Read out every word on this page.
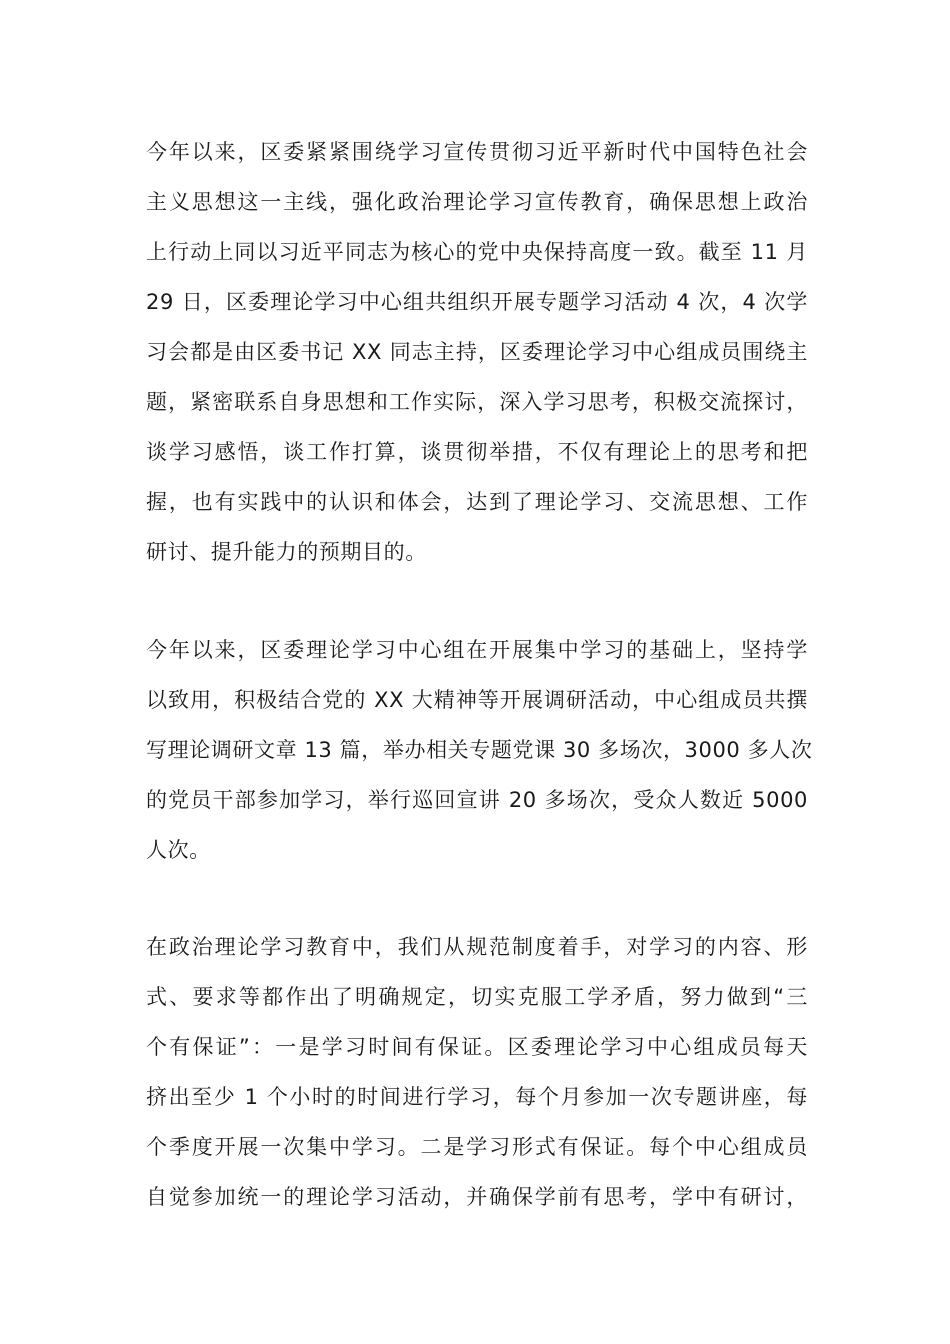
今年以来，区委紧紧围绕学习宣传贯彻习近平新时代中国特色社会
主义思想这一主线，强化政治理论学习宣传教育，确保思想上政治
上行动上同以习近平同志为核心的党中央保持高度一致。截至 11 月
29 日，区委理论学习中心组共组织开展专题学习活动 4 次，4 次学
习会都是由区委书记 XX 同志主持，区委理论学习中心组成员围绕主
题，紧密联系自身思想和工作实际，深入学习思考，积极交流探讨，
谈学习感悟，谈工作打算，谈贯彻举措，不仅有理论上的思考和把
握，也有实践中的认识和体会，达到了理论学习、交流思想、工作
研讨、提升能力的预期目的。
今年以来，区委理论学习中心组在开展集中学习的基础上，坚持学
以致用，积极结合党的 XX 大精神等开展调研活动，中心组成员共撰
写理论调研文章 13 篇，举办相关专题党课 30 多场次，3000 多人次
的党员干部参加学习，举行巡回宣讲 20 多场次，受众人数近 5000
人次。
在政治理论学习教育中，我们从规范制度着手，对学习的内容、形
式、要求等都作出了明确规定，切实克服工学矛盾，努力做到“三
个有保证”：一是学习时间有保证。区委理论学习中心组成员每天
挤出至少 1 个小时的时间进行学习，每个月参加一次专题讲座，每
个季度开展一次集中学习。二是学习形式有保证。每个中心组成员
自觉参加统一的理论学习活动，并确保学前有思考，学中有研讨，
